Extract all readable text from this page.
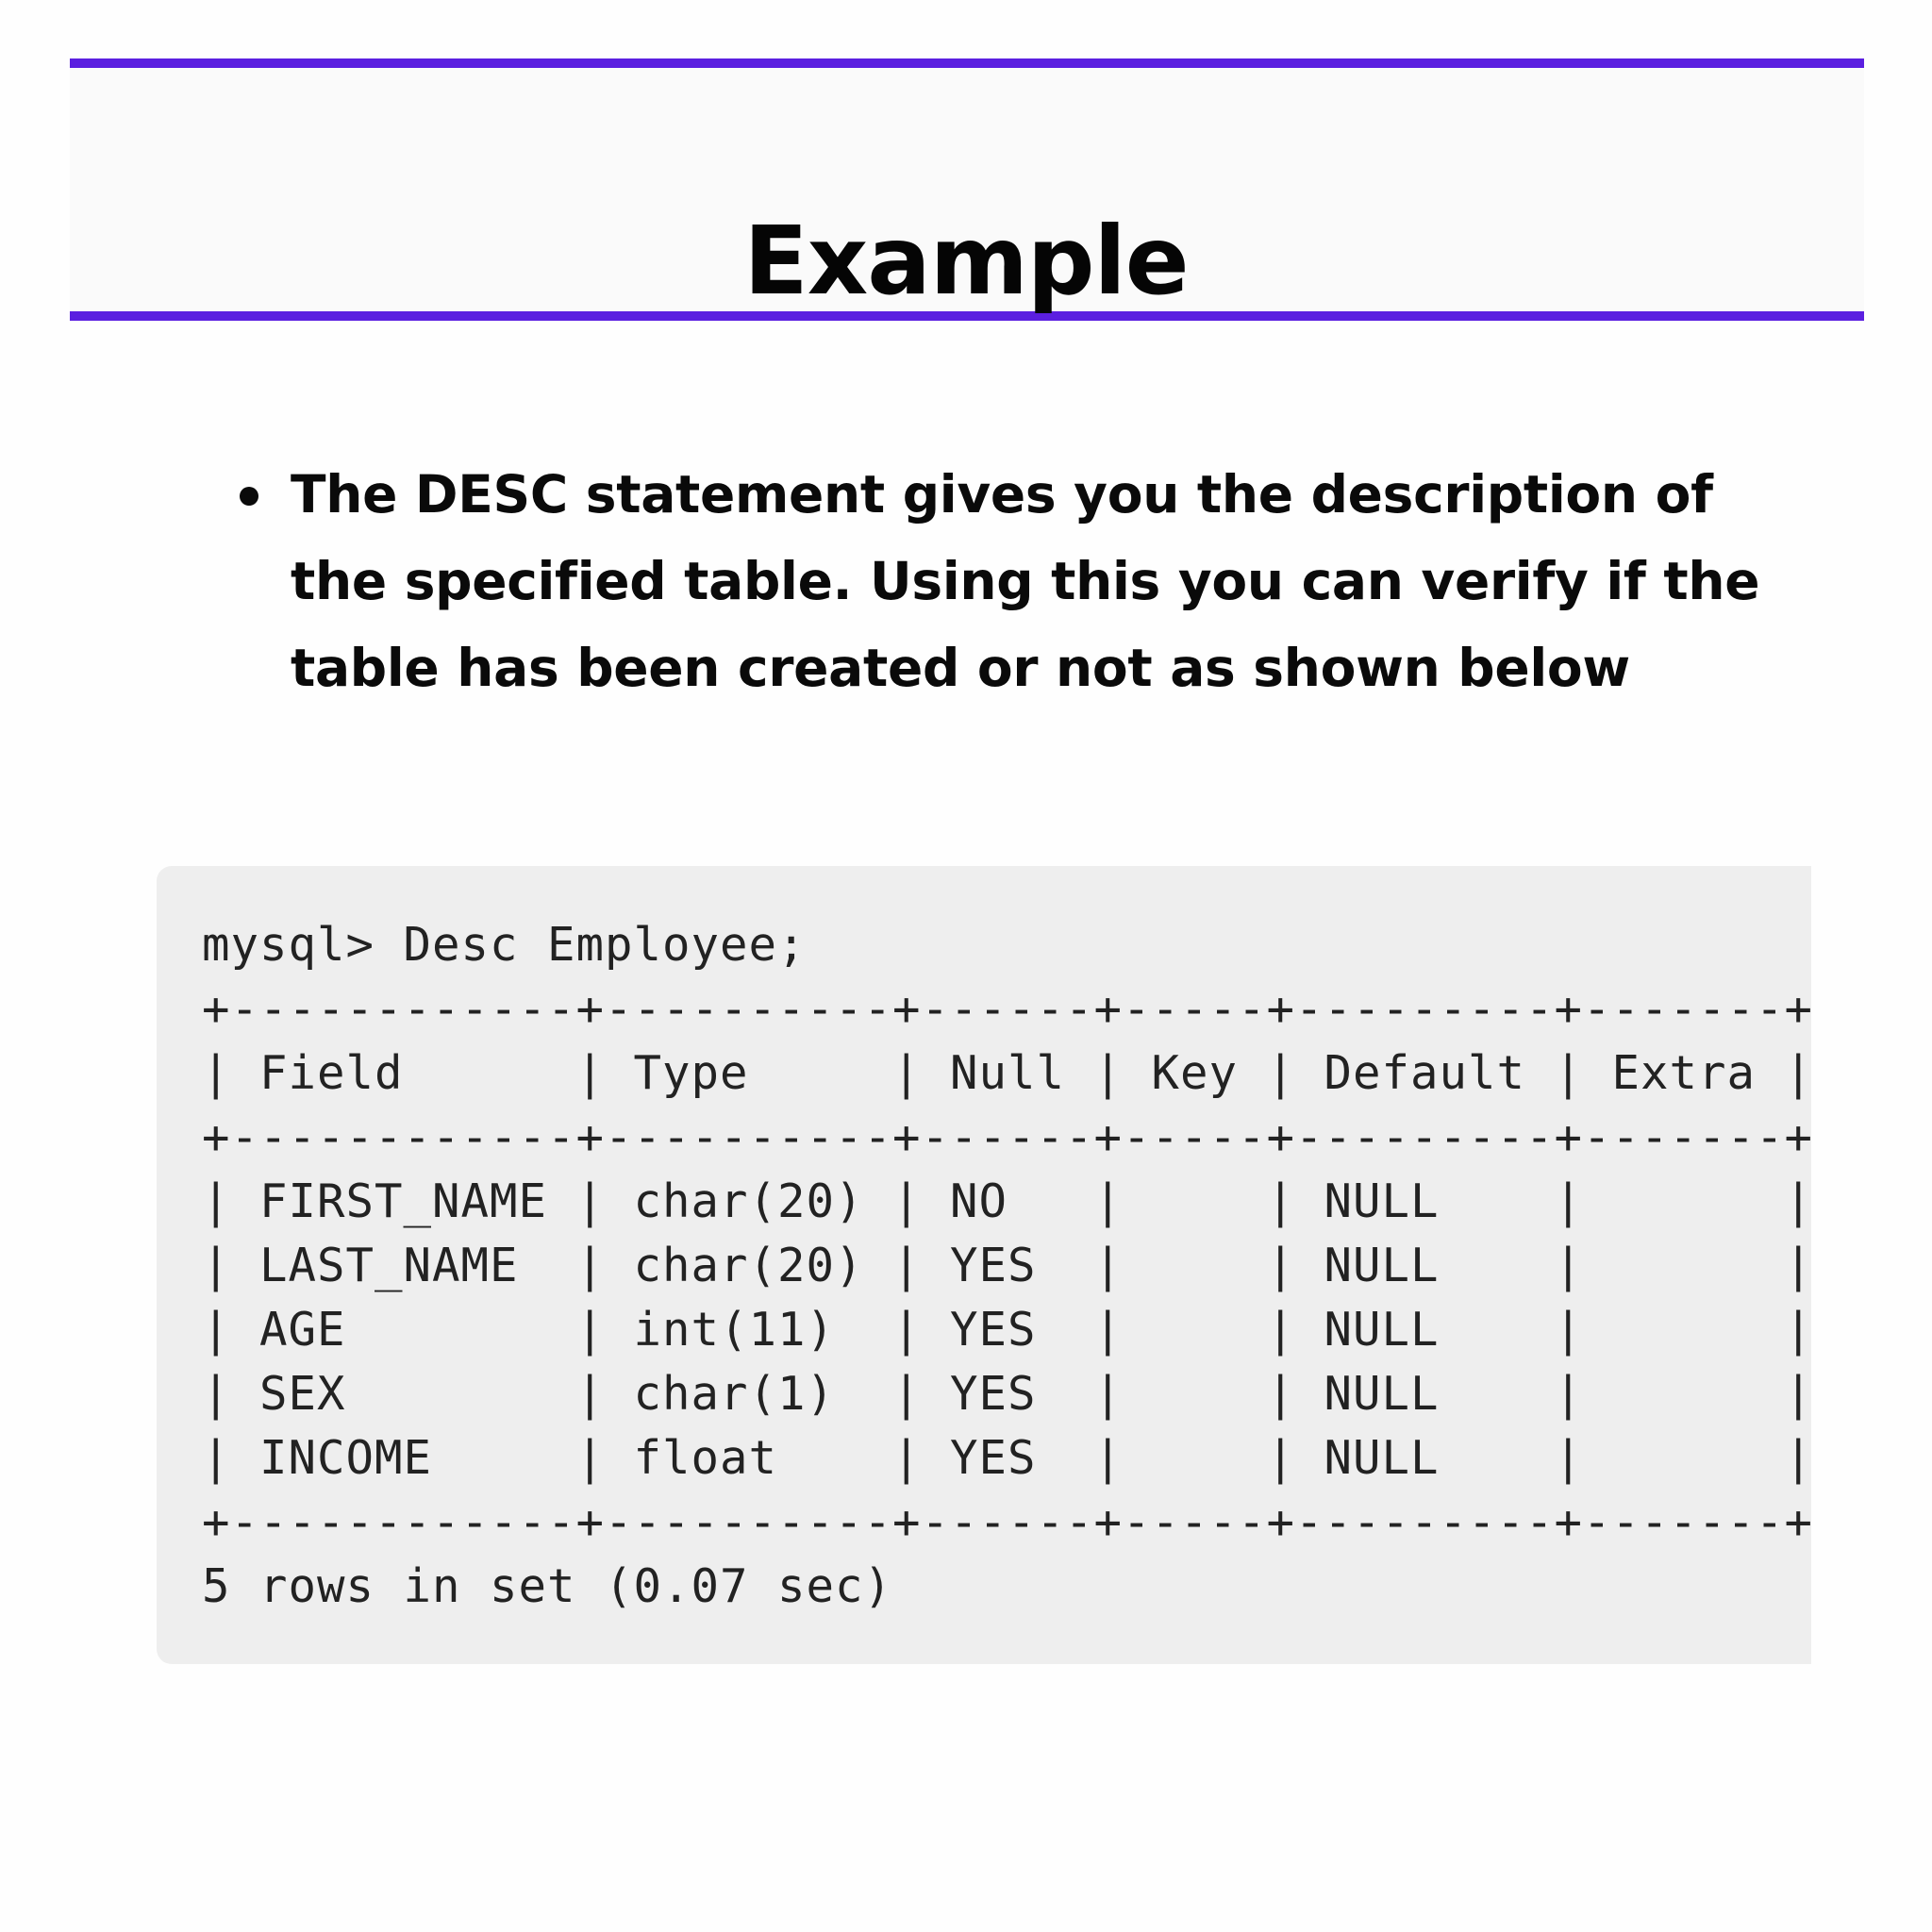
Example
The DESC statement gives you the description of the specified table. Using this you can verify if the table has been created or not as shown below
mysql> Desc Employee;
+------------+----------+------+-----+---------+-------+
| Field      | Type     | Null | Key | Default | Extra |
+------------+----------+------+-----+---------+-------+
| FIRST_NAME | char(20) | NO   |     | NULL    |       |
| LAST_NAME  | char(20) | YES  |     | NULL    |       |
| AGE        | int(11)  | YES  |     | NULL    |       |
| SEX        | char(1)  | YES  |     | NULL    |       |
| INCOME     | float    | YES  |     | NULL    |       |
+------------+----------+------+-----+---------+-------+
5 rows in set (0.07 sec)
